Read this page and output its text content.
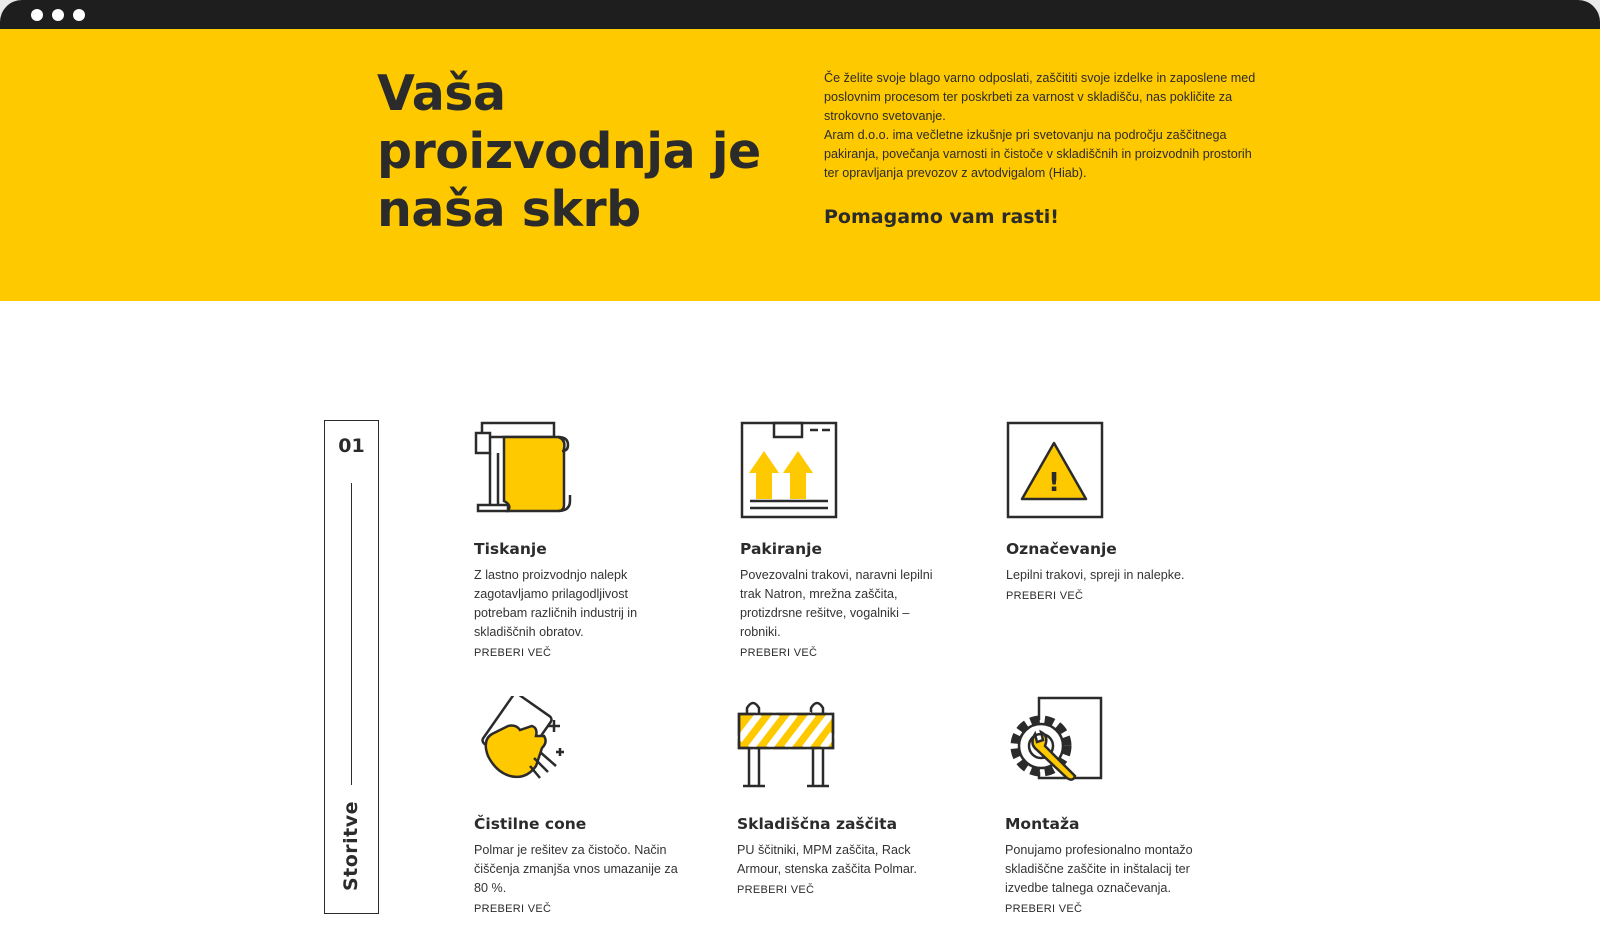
Vaša proizvodnja je naša skrb

Če želite svoje blago varno odposlati, zaščititi svoje izdelke in zaposlene med poslovnim procesom ter poskrbeti za varnost v skladišču, nas pokličite za strokovno svetovanje.

Aram d.o.o. ima večletne izkušnje pri svetovanju na področju zaščitnega pakiranja, povečanja varnosti in čistoče v skladiščnih in proizvodnih prostorih ter opravljanja prevozov z avtodvigalom (Hiab).

Pomagamo vam rasti!
01
Storitve
Tiskanje
Z lastno proizvodnjo nalepk zagotavljamo prilagodljivost potrebam različnih industrij in skladiščnih obratov.
PREBERI VEČ
Pakiranje
Povezovalni trakovi, naravni lepilni trak Natron, mrežna zaščita, protizdrsne rešitve, vogalniki – robniki.
PREBERI VEČ
!
Označevanje
Lepilni trakovi, spreji in nalepke.
PREBERI VEČ
Čistilne cone
Polmar je rešitev za čistočo. Način čiščenja zmanjša vnos umazanije za 80 %.
PREBERI VEČ
Skladiščna zaščita
PU ščitniki, MPM zaščita, Rack Armour, stenska zaščita Polmar.
PREBERI VEČ
Montaža
Ponujamo profesionalno montažo skladiščne zaščite in inštalacij ter izvedbe talnega označevanja.
PREBERI VEČ
